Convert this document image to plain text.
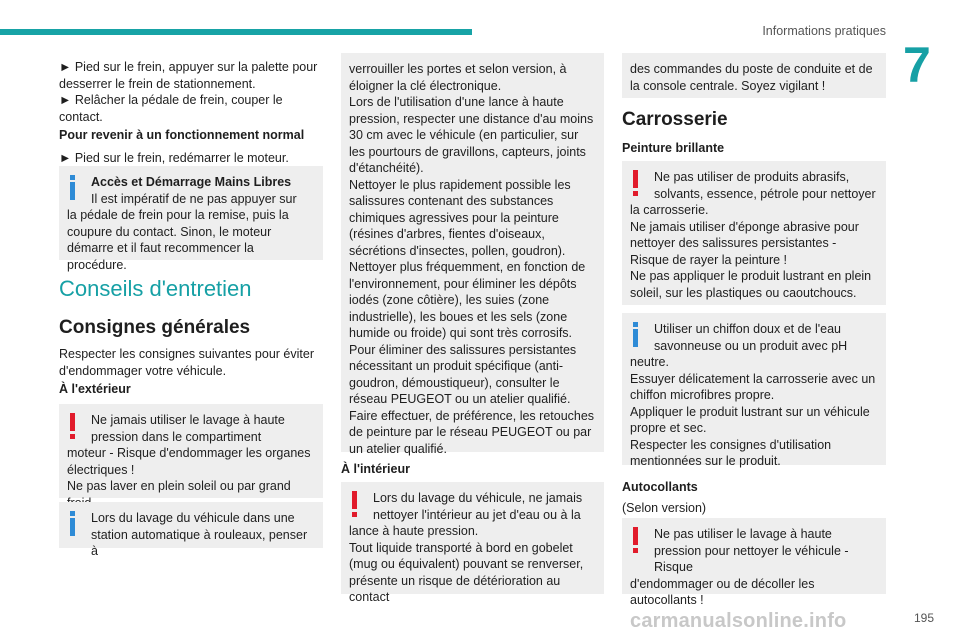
Informations pratiques
7
► Pied sur le frein, appuyer sur la palette pour desserrer le frein de stationnement.
► Relâcher la pédale de frein, couper le contact.
Pour revenir à un fonctionnement normal
► Pied sur le frein, redémarrer le moteur.
Accès et Démarrage Mains Libres
Il est impératif de ne pas appuyer sur
la pédale de frein pour la remise, puis la coupure du contact. Sinon, le moteur démarre et il faut recommencer la procédure.
Conseils d'entretien
Consignes générales
Respecter les consignes suivantes pour éviter d'endommager votre véhicule.
À l'extérieur
Ne jamais utiliser le lavage à haute pression dans le compartiment
moteur - Risque d'endommager les organes électriques !
Ne pas laver en plein soleil ou par grand
Lors du lavage du véhicule dans une station automatique à rouleaux, penser à
verrouiller les portes et selon version, à éloigner la clé électronique.
Lors de l'utilisation d'une lance à haute pression, respecter une distance d'au moins 30 cm avec le véhicule (en particulier, sur les pourtours de gravillons, capteurs, joints d'étanchéité).
Nettoyer le plus rapidement possible les salissures contenant des substances chimiques agressives pour la peinture (résines d'arbres, fientes d'oiseaux, sécrétions d'insectes, pollen, goudron).
Nettoyer plus fréquemment, en fonction de l'environnement, pour éliminer les dépôts iodés (zone côtière), les suies (zone industrielle), les boues et les sels (zone humide ou froide) qui sont très corrosifs.
Pour éliminer des salissures persistantes nécessitant un produit spécifique (anti-goudron, démoustiqueur), consulter le réseau PEUGEOT ou un atelier qualifié.
Faire effectuer, de préférence, les retouches de peinture par le réseau PEUGEOT ou par un atelier qualifié.
À l'intérieur
Lors du lavage du véhicule, ne jamais nettoyer l'intérieur au jet d'eau ou à la
lance à haute pression.
Tout liquide transporté à bord en gobelet (mug ou équivalent) pouvant se renverser, présente un risque de détérioration au contact
des commandes du poste de conduite et de la console centrale. Soyez vigilant !
Carrosserie
Peinture brillante
Ne pas utiliser de produits abrasifs, solvants, essence, pétrole pour nettoyer
la carrosserie.
Ne jamais utiliser d'éponge abrasive pour nettoyer des salissures persistantes - Risque de rayer la peinture !
Ne pas appliquer le produit lustrant en plein soleil, sur les plastiques ou caoutchoucs.
Utiliser un chiffon doux et de l'eau savonneuse ou un produit avec pH
neutre.
Essuyer délicatement la carrosserie avec un chiffon microfibres propre.
Appliquer le produit lustrant sur un véhicule propre et sec.
Respecter les consignes d'utilisation mentionnées sur le produit.
Autocollants
(Selon version)
Ne pas utiliser le lavage à haute pression pour nettoyer le véhicule - Risque
d'endommager ou de décoller les autocollants !
carmanualsonline.info	195
